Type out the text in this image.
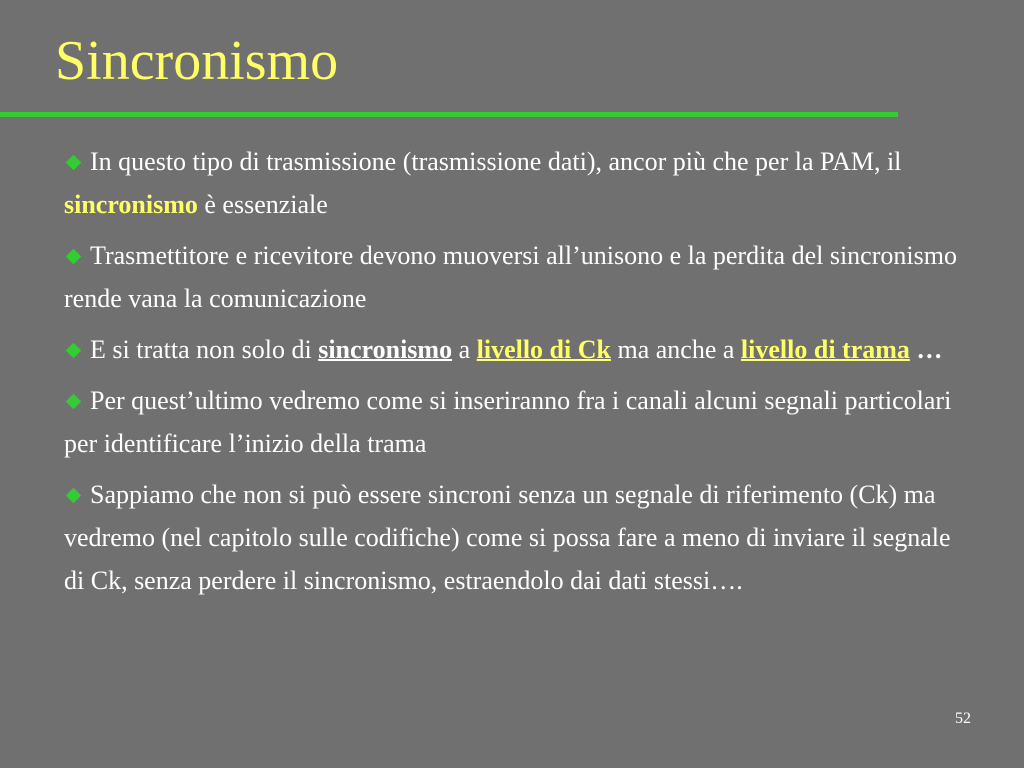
Sincronismo
In questo tipo di trasmissione (trasmissione dati), ancor più che per la PAM, il sincronismo è essenziale
Trasmettitore e ricevitore devono muoversi all’unisono e la perdita del sincronismo rende vana la comunicazione
E si tratta non solo di sincronismo a livello di Ck ma anche a livello di trama …
Per quest’ultimo vedremo come si inseriranno fra i canali alcuni segnali particolari per identificare l’inizio della trama
Sappiamo che non si può essere sincroni senza un segnale di riferimento (Ck) ma vedremo (nel capitolo sulle codifiche) come si possa fare a meno di inviare il segnale di Ck, senza perdere il sincronismo, estraendolo dai dati stessi….
52
